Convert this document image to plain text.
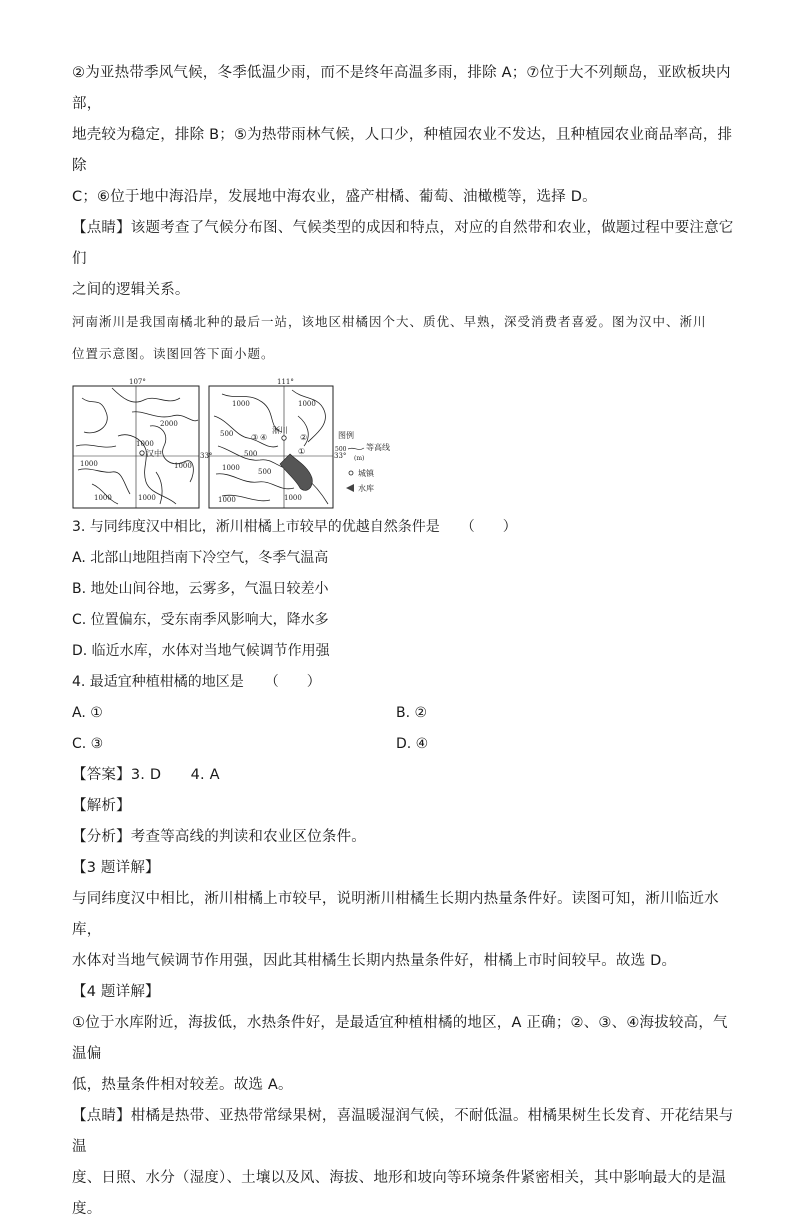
②为亚热带季风气候，冬季低温少雨，而不是终年高温多雨，排除 A；⑦位于大不列颠岛，亚欧板块内部，

地壳较为稳定，排除 B；⑤为热带雨林气候，人口少，种植园农业不发达，且种植园农业商品率高，排除

C；⑥位于地中海沿岸，发展地中海农业，盛产柑橘、葡萄、油橄榄等，选择 D。

【点睛】该题考查了气候分布图、气候类型的成因和特点，对应的自然带和农业，做题过程中要注意它们

之间的逻辑关系。

河南淅川是我国南橘北种的最后一站，该地区柑橘因个大、质优、早熟，深受消费者喜爱。图为汉中、淅川

位置示意图。读图回答下面小题。

107°
33°
2000
1000
1000
1000
1000
1000
汉中
111°
33°
1000	1000
500
500
1000	500
1000	1000
③ ④	②
①
淅川
图例
500 等高线
(m)
城镇
水库

3. 与同纬度汉中相比，淅川柑橘上市较早的优越自然条件是　　（　　）

A. 北部山地阻挡南下冷空气，冬季气温高

B. 地处山间谷地，云雾多，气温日较差小

C. 位置偏东，受东南季风影响大，降水多

D. 临近水库，水体对当地气候调节作用强

4. 最适宜种植柑橘的地区是　　（　　）

A. ①	B. ②

C. ③	D. ④

【答案】3. D　　4. A

【解析】

【分析】考查等高线的判读和农业区位条件。

【3 题详解】

与同纬度汉中相比，淅川柑橘上市较早，说明淅川柑橘生长期内热量条件好。读图可知，淅川临近水库，

水体对当地气候调节作用强，因此其柑橘生长期内热量条件好，柑橘上市时间较早。故选 D。

【4 题详解】

①位于水库附近，海拔低，水热条件好，是最适宜种植柑橘的地区，A 正确；②、③、④海拔较高，气温偏

低，热量条件相对较差。故选 A。

【点睛】柑橘是热带、亚热带常绿果树，喜温暖湿润气候，不耐低温。柑橘果树生长发育、开花结果与温

度、日照、水分（湿度）、土壤以及风、海拔、地形和坡向等环境条件紧密相关，其中影响最大的是温度。
